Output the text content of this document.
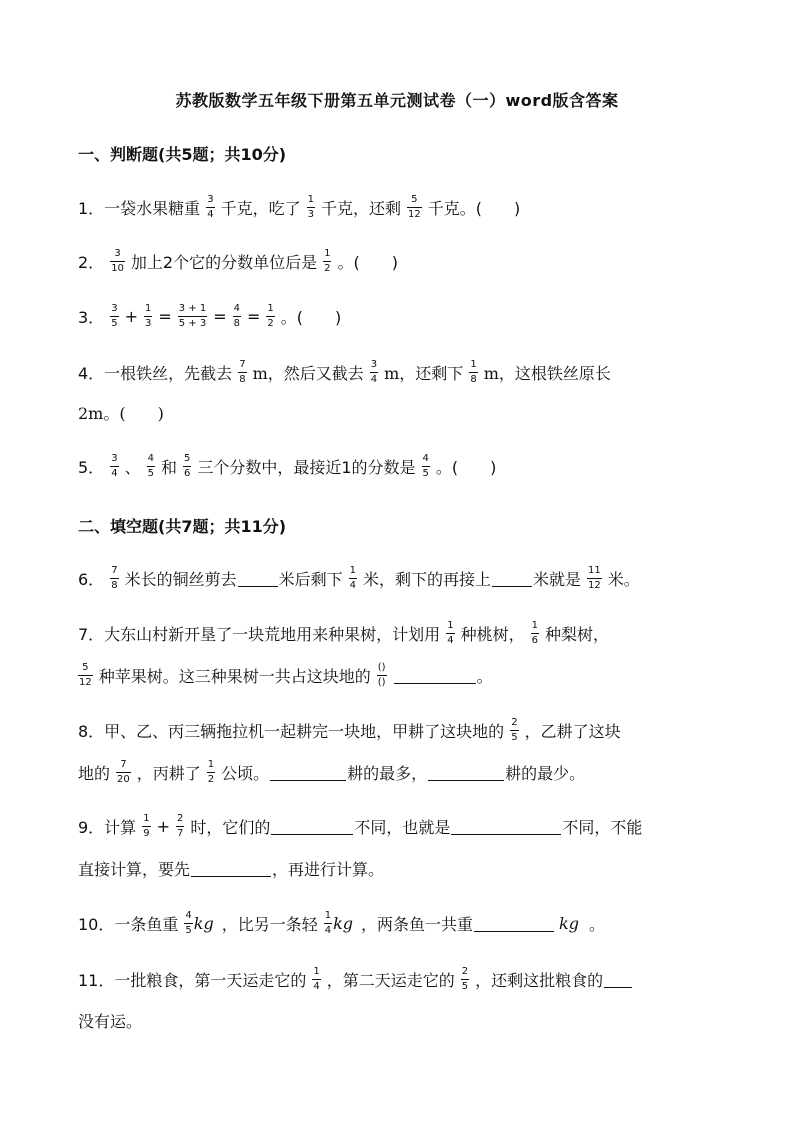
苏教版数学五年级下册第五单元测试卷（一）word版含答案
一、判断题(共5题；共10分)
1．一袋水果糖重 3
4 千克，吃了 1
3 千克，还剩 5
12 千克。(　　)
2． 3
10 加上2个它的分数单位后是 1
2 。(　　)
3． 3
5 + 1
3 = 3 + 1
5 + 3 = 4
8 = 1
2 。(　　)
4．一根铁丝，先截去 7
8 m，然后又截去 3
4 m，还剩下 1
8 m，这根铁丝原长
2m。(　　)
5． 3
4 、 4
5 和 5
6 三个分数中，最接近1的分数是 4
5 。(　　)
二、填空题(共7题；共11分)
6． 7
8 米长的铜丝剪去	米后剩下 1
4 米，剩下的再接上	米就是 11
12 米。
7．大东山村新开垦了一块荒地用来种果树，计划用 1
4 种桃树， 1
6 种梨树，
5
12 种苹果树。这三种果树一共占这块地的 ()
()	。
8．甲、乙、丙三辆拖拉机一起耕完一块地，甲耕了这块地的 2
5 ，乙耕了这块
地的 7
20 ，丙耕了 1
2 公顷。	耕的最多，	耕的最少。
9．计算 1
9 + 2
7 时，它们的	不同，也就是	不同，不能
直接计算，要先	，再进行计算。
10．一条鱼重 4
5 kg ，比另一条轻 1
4 kg ，两条鱼一共重	kg 。
11．一批粮食，第一天运走它的 1
4 ，第二天运走它的 2
5 ，还剩这批粮食的
没有运。
